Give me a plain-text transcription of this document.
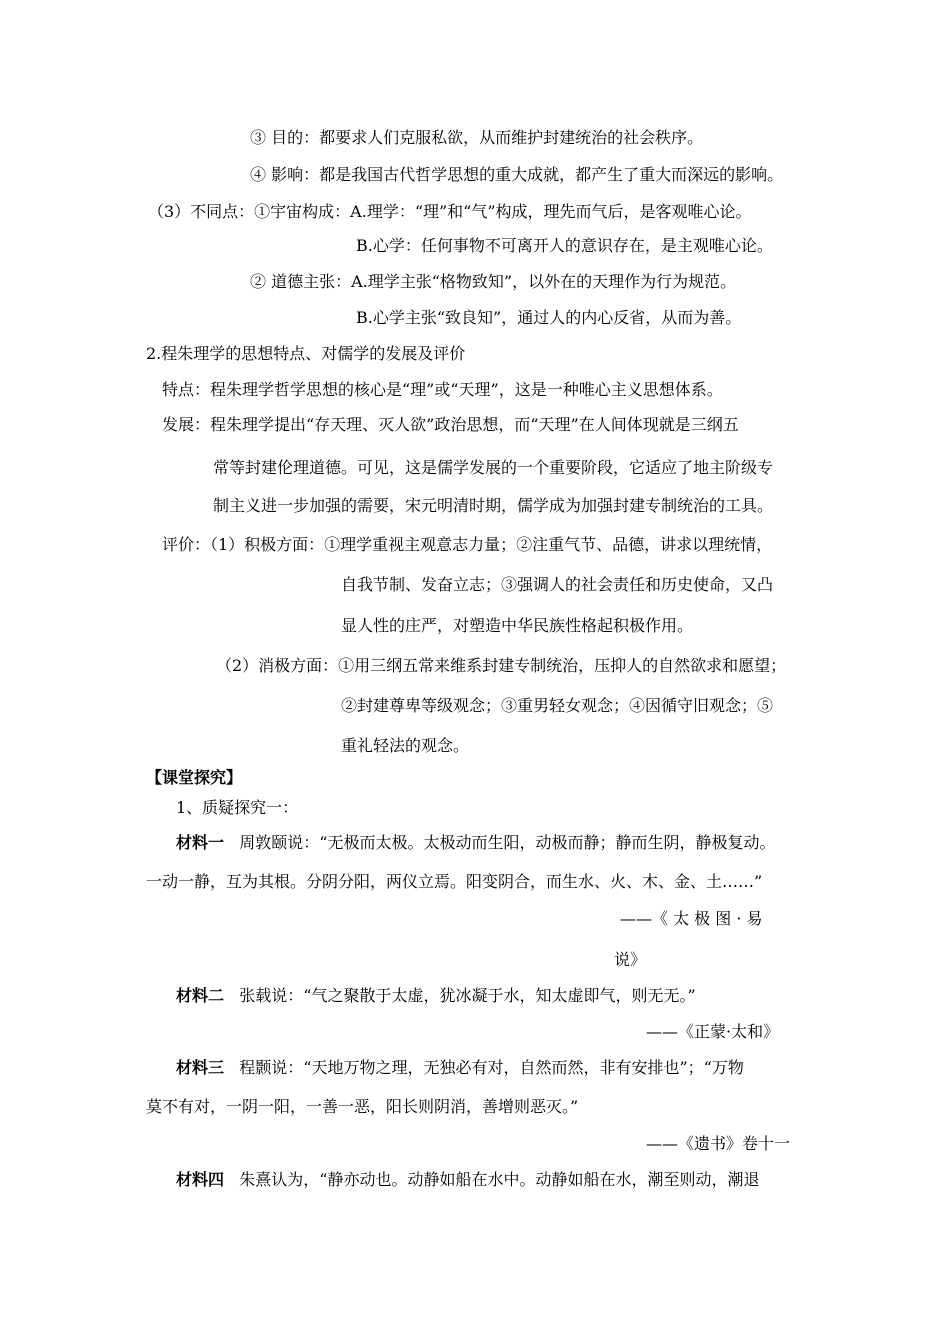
③ 目的：都要求人们克服私欲，从而维护封建统治的社会秩序。
④ 影响：都是我国古代哲学思想的重大成就，都产生了重大而深远的影响。
（3）不同点：①宇宙构成：A.理学：“理”和“气”构成，理先而气后，是客观唯心论。
B.心学：任何事物不可离开人的意识存在，是主观唯心论。
② 道德主张：A.理学主张“格物致知”，以外在的天理作为行为规范。
B.心学主张“致良知”，通过人的内心反省，从而为善。
2.程朱理学的思想特点、对儒学的发展及评价
特点：程朱理学哲学思想的核心是“理”或“天理”，这是一种唯心主义思想体系。
发展：程朱理学提出“存天理、灭人欲”政治思想，而“天理”在人间体现就是三纲五
常等封建伦理道德。可见，这是儒学发展的一个重要阶段，它适应了地主阶级专
制主义进一步加强的需要，宋元明清时期，儒学成为加强封建专制统治的工具。
评价：（1）积极方面：①理学重视主观意志力量；②注重气节、品德，讲求以理统情，
自我节制、发奋立志；③强调人的社会责任和历史使命，又凸
显人性的庄严，对塑造中华民族性格起积极作用。
（2）消极方面：①用三纲五常来维系封建专制统治，压抑人的自然欲求和愿望；
②封建尊卑等级观念；③重男轻女观念；④因循守旧观念；⑤
重礼轻法的观念。
【课堂探究】
1、质疑探究一：
材料一 周敦颐说：“无极而太极。太极动而生阳，动极而静；静而生阴，静极复动。
一动一静，互为其根。分阴分阳，两仪立焉。阳变阴合，而生水、火、木、金、土……”
——《 太 极 图 · 易
说》
材料二 张载说：“气之聚散于太虚，犹冰凝于水，知太虚即气，则无无。”
——《正蒙·太和》
材料三 程颢说：“天地万物之理，无独必有对，自然而然，非有安排也”；“万物
莫不有对，一阴一阳，一善一恶，阳长则阴消，善增则恶灭。”
——《遗书》卷十一
材料四 朱熹认为，“静亦动也。动静如船在水中。动静如船在水，潮至则动，潮退
